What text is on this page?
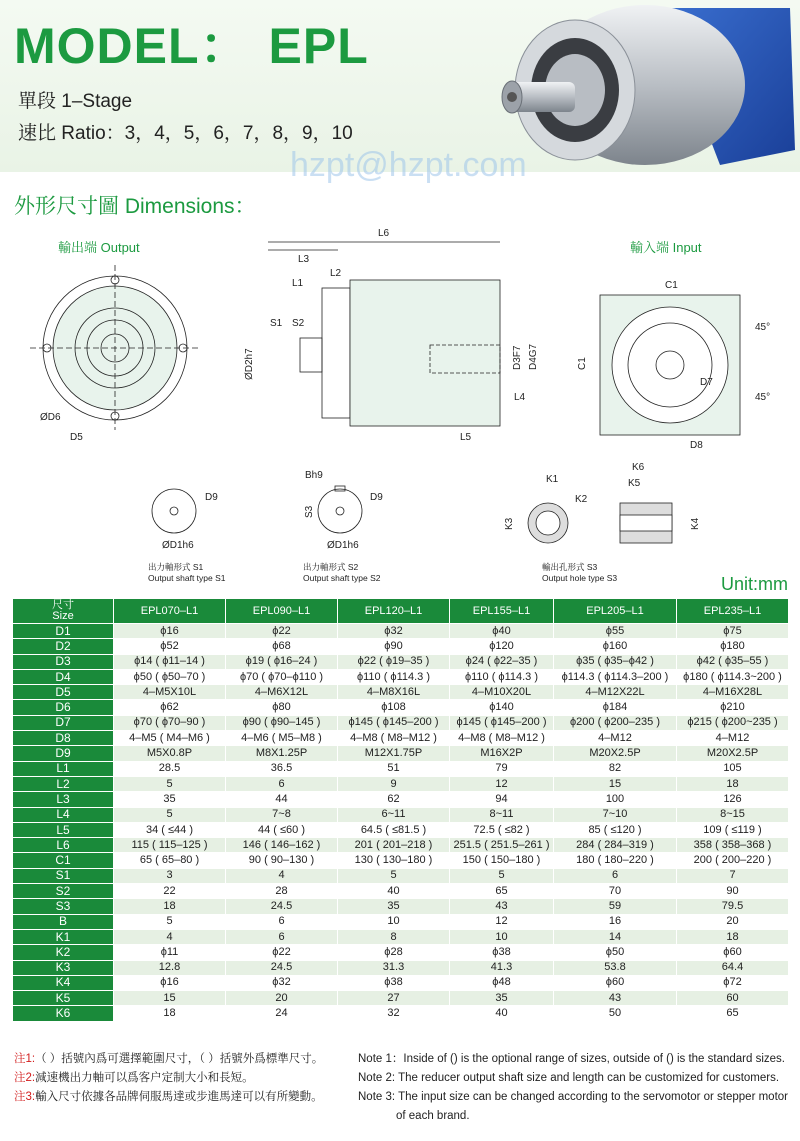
MODEL： EPL
單段 1–Stage
速比 Ratio：3，4，5，6，7，8，9，10
外形尺寸圖 Dimensions：
輸出端 Output
ØD6
D5
L6
L3
L2
L1
S1 S2
ØD2h7	D3F7 D4G7
L4
L5
輸入端 Input
C1
C1
45°
45°
D7
D8
D9
ØD1h6
D9
Bh9
S3
ØD1h6
K1
K2
K3
K6
K5
K4
出力軸形式 S1
Output shaft type S1
出力軸形式 S2
Output shaft type S2
輸出孔形式 S3
Output hole type S3
hzpt@hzpt.com
Unit:mm
尺寸
Size	EPL070–L1	EPL090–L1	EPL120–L1	EPL155–L1	EPL205–L1	EPL235–L1
D1	ϕ16	ϕ22	ϕ32	ϕ40	ϕ55	ϕ75
D2	ϕ52	ϕ68	ϕ90	ϕ120	ϕ160	ϕ180
D3	ϕ14 ( ϕ11–14 )	ϕ19 ( ϕ16–24 )	ϕ22 ( ϕ19–35 )	ϕ24 ( ϕ22–35 )	ϕ35 ( ϕ35–ϕ42 )	ϕ42 ( ϕ35–55 )
D4	ϕ50 ( ϕ50–70 )	ϕ70 ( ϕ70–ϕ110 )	ϕ110 ( ϕ114.3 )	ϕ110 ( ϕ114.3 )	ϕ114.3 ( ϕ114.3–200 )	ϕ180 ( ϕ114.3~200 )
D5	4–M5X10L	4–M6X12L	4–M8X16L	4–M10X20L	4–M12X22L	4–M16X28L
D6	ϕ62	ϕ80	ϕ108	ϕ140	ϕ184	ϕ210
D7	ϕ70 ( ϕ70–90 )	ϕ90 ( ϕ90–145 )	ϕ145 ( ϕ145–200 )	ϕ145 ( ϕ145–200 )	ϕ200 ( ϕ200–235 )	ϕ215 ( ϕ200~235 )
D8	4–M5 ( M4–M6 )	4–M6 ( M5–M8 )	4–M8 ( M8–M12 )	4–M8 ( M8–M12 )	4–M12	4–M12
D9	M5X0.8P	M8X1.25P	M12X1.75P	M16X2P	M20X2.5P	M20X2.5P
L1	28.5	36.5	51	79	82	105
L2	5	6	9	12	15	18
L3	35	44	62	94	100	126
L4	5	7~8	6~11	8~11	7~10	8~15
L5	34 ( ≤44 )	44 ( ≤60 )	64.5 ( ≤81.5 )	72.5 ( ≤82 )	85 ( ≤120 )	109 ( ≤119 )
L6	115 ( 115–125 )	146 ( 146–162 )	201 ( 201–218 )	251.5 ( 251.5–261 )	284 ( 284–319 )	358 ( 358–368 )
C1	65 ( 65–80 )	90 ( 90–130 )	130 ( 130–180 )	150 ( 150–180 )	180 ( 180–220 )	200 ( 200–220 )
S1	3	4	5	5	6	7
S2	22	28	40	65	70	90
S3	18	24.5	35	43	59	79.5
B	5	6	10	12	16	20
K1	4	6	8	10	14	18
K2	ϕ11	ϕ22	ϕ28	ϕ38	ϕ50	ϕ60
K3	12.8	24.5	31.3	41.3	53.8	64.4
K4	ϕ16	ϕ32	ϕ38	ϕ48	ϕ60	ϕ72
K5	15	20	27	35	43	60
K6	18	24	32	40	50	65
注1:（ ）括號內爲可選擇範圍尺寸，（ ）括號外爲標準尺寸。
注2:減速機出力軸可以爲客户定制大小和長短。
注3:輸入尺寸依據各品牌伺服馬達或步進馬達可以有所變動。
Note 1：Inside of () is the optional range of sizes, outside of () is the standard sizes.
Note 2: The reducer output shaft size and length can be customized for customers.
Note 3: The input size can be changed according to the servomotor or stepper motor
of each brand.
